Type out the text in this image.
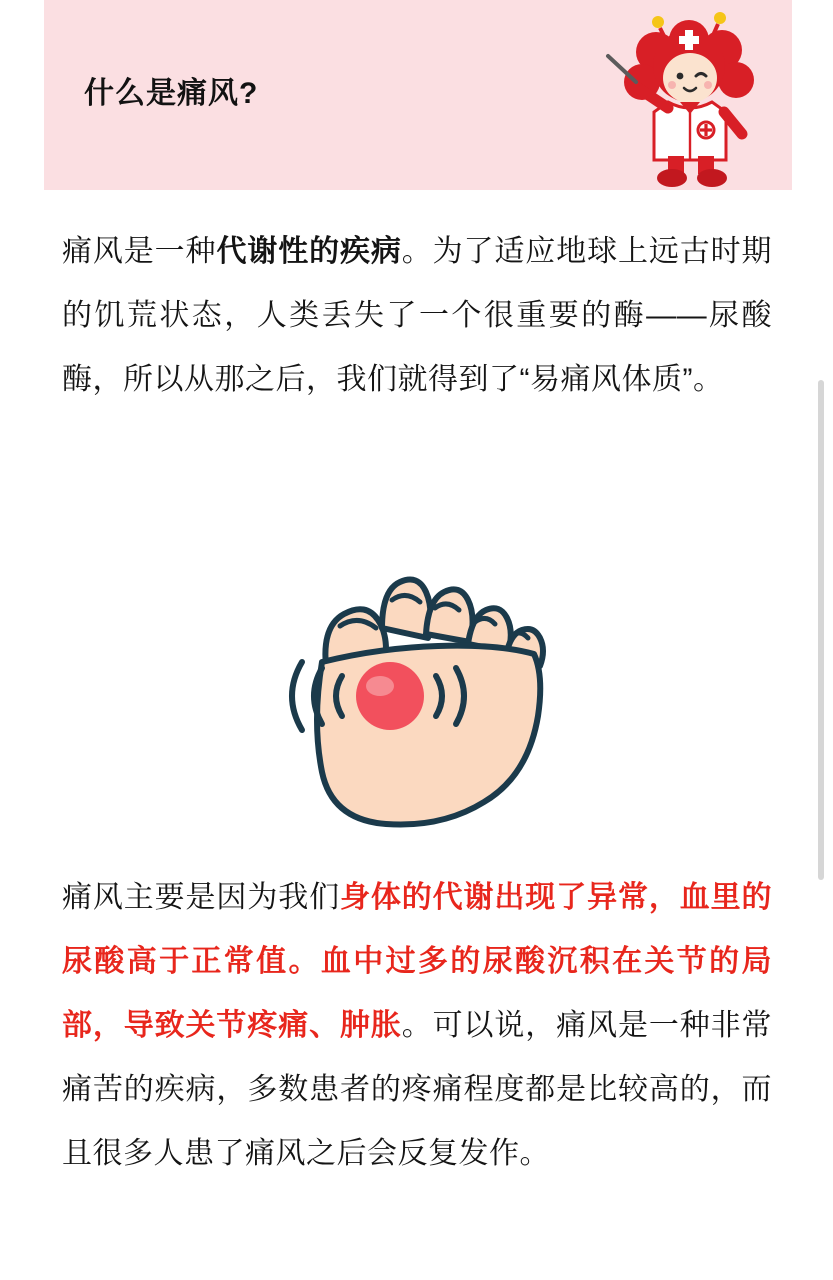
什么是痛风?
痛风是一种代谢性的疾病。为了适应地球上远古时期的饥荒状态，人类丢失了一个很重要的酶——尿酸酶，所以从那之后，我们就得到了“易痛风体质”。
痛风主要是因为我们身体的代谢出现了异常，血里的尿酸高于正常值。血中过多的尿酸沉积在关节的局部，导致关节疼痛、肿胀。可以说，痛风是一种非常痛苦的疾病，多数患者的疼痛程度都是比较高的，而且很多人患了痛风之后会反复发作。
